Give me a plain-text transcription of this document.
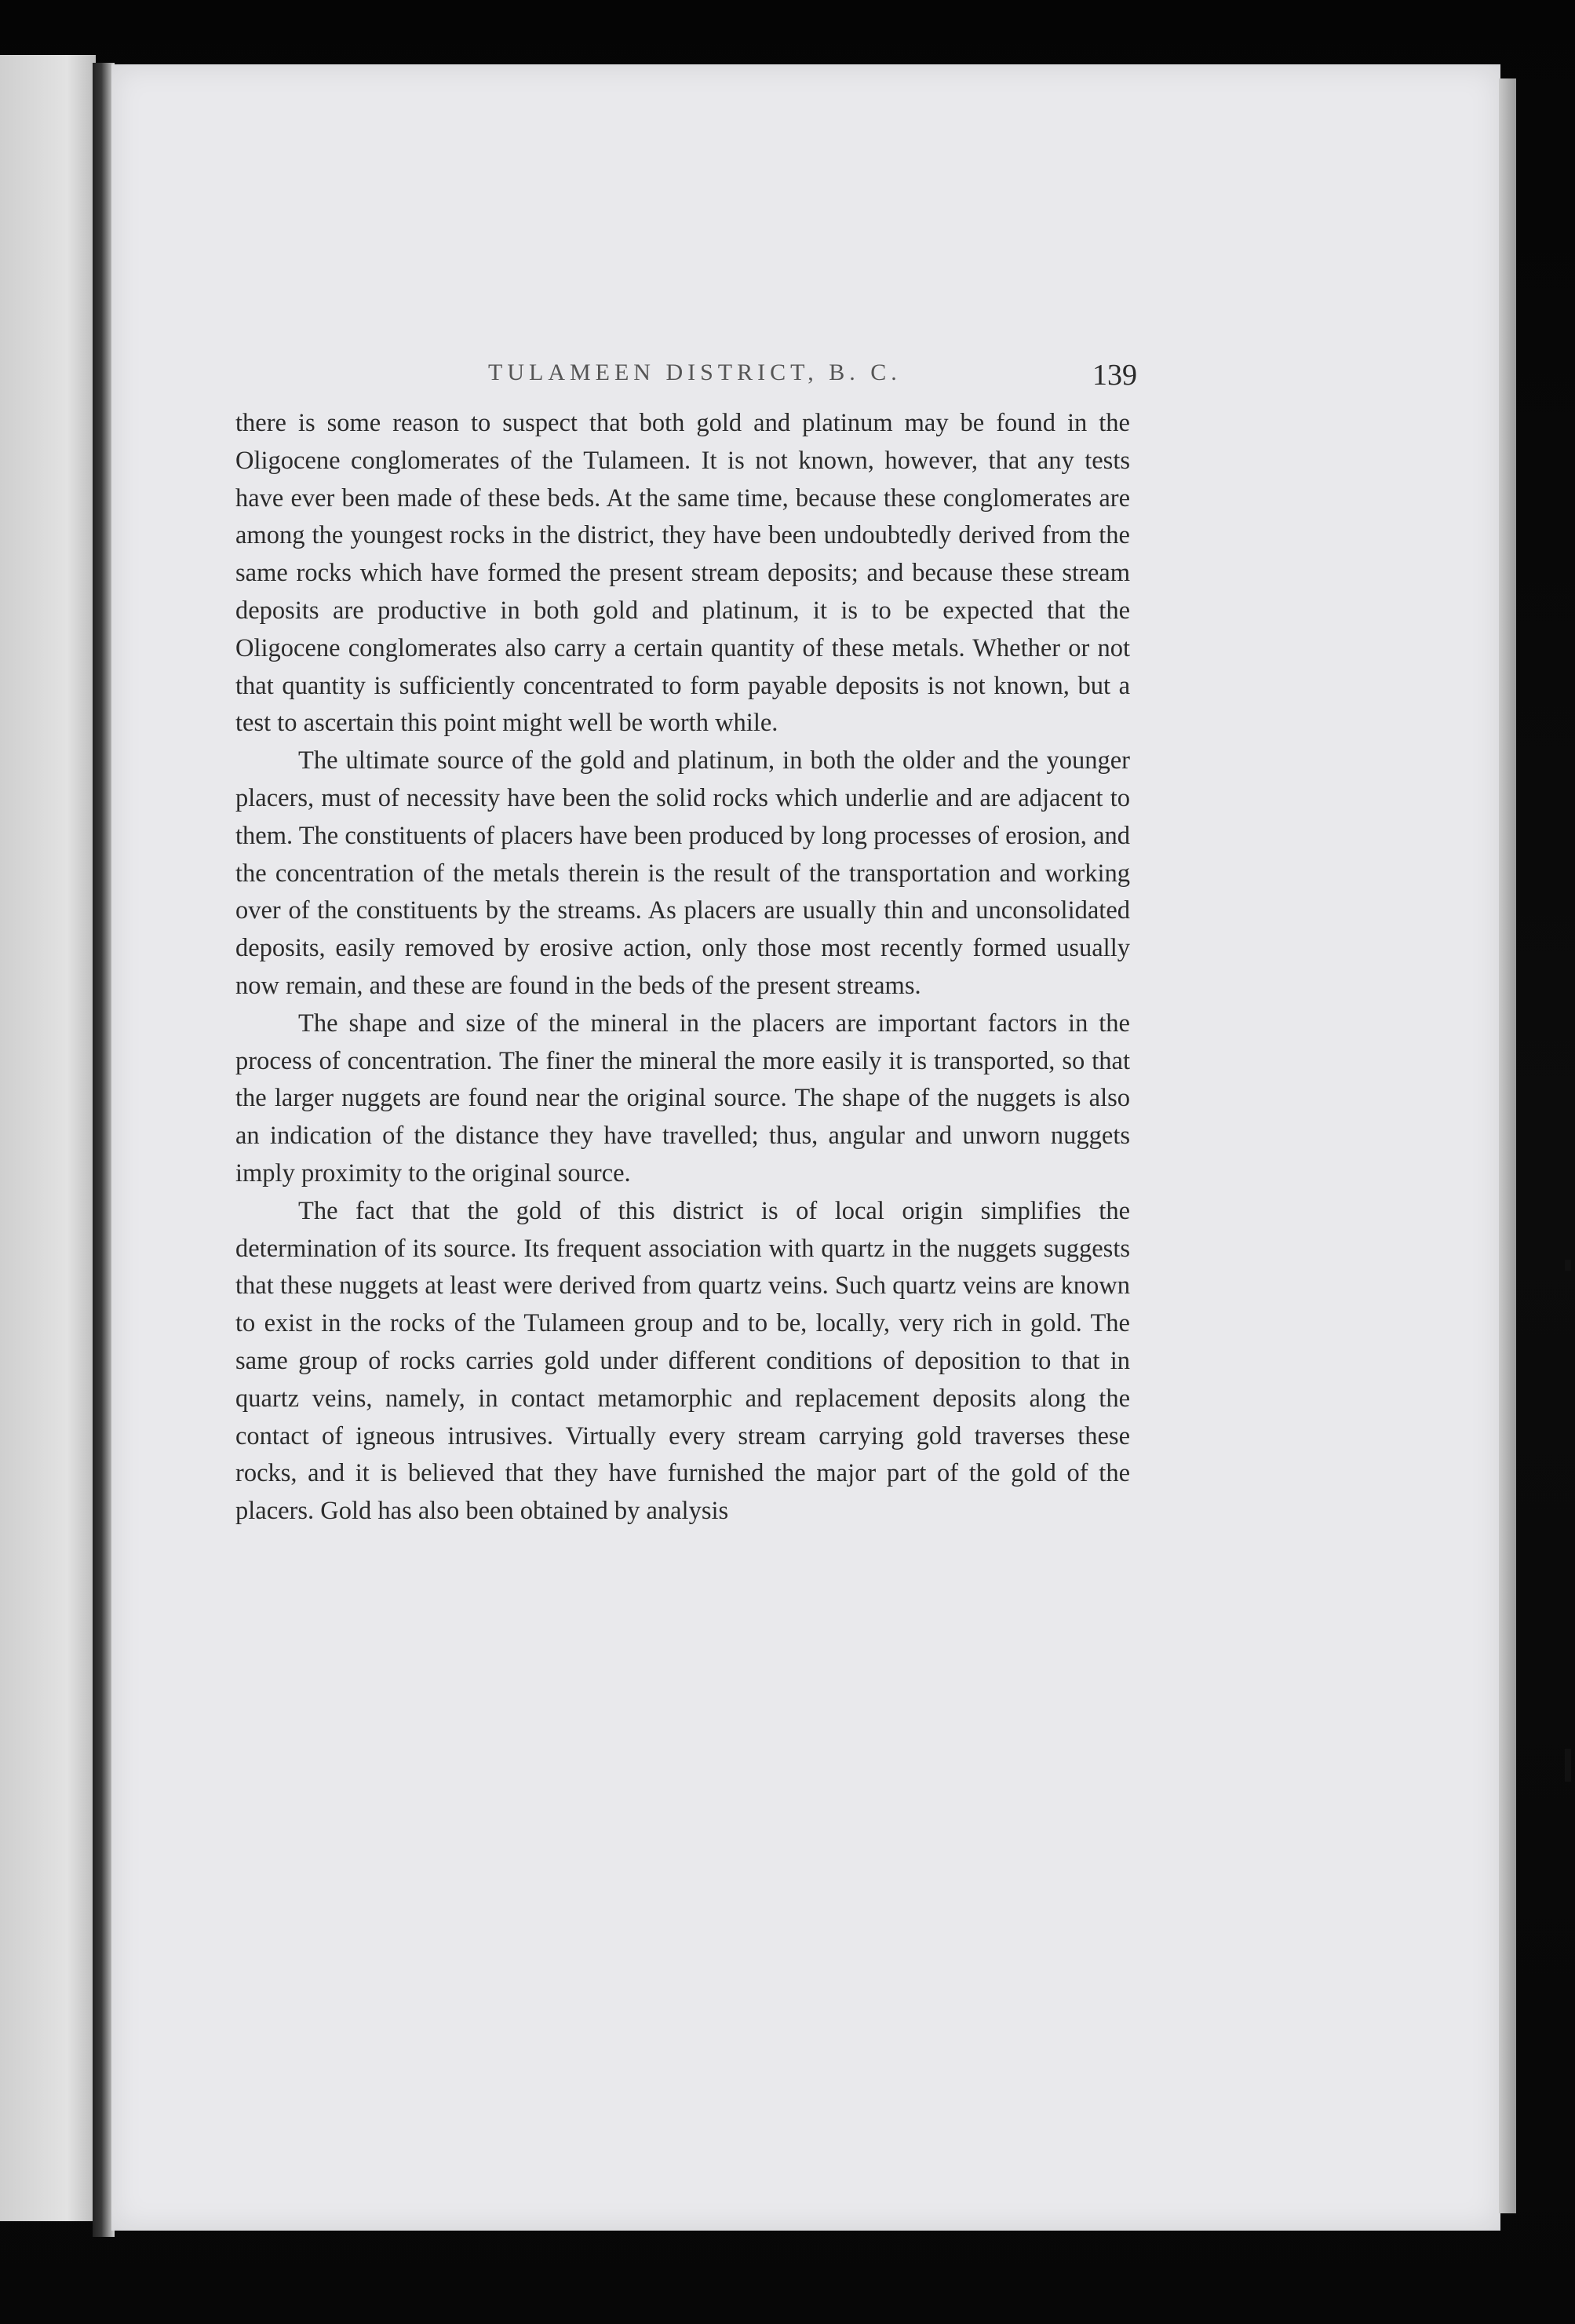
TULAMEEN DISTRICT, B. C.	139

there is some reason to suspect that both gold and platinum may be found in the Oligocene conglomerates of the Tulameen. It is not known, however, that any tests have ever been made of these beds. At the same time, because these conglomerates are among the youngest rocks in the district, they have been undoubtedly derived from the same rocks which have formed the present stream deposits; and because these stream deposits are productive in both gold and platinum, it is to be expected that the Oligocene conglomerates also carry a certain quantity of these metals. Whether or not that quantity is sufficiently concentrated to form payable deposits is not known, but a test to ascertain this point might well be worth while.

The ultimate source of the gold and platinum, in both the older and the younger placers, must of necessity have been the solid rocks which underlie and are adjacent to them. The constituents of placers have been produced by long processes of erosion, and the concentration of the metals therein is the result of the transportation and working over of the constituents by the streams. As placers are usually thin and unconsolidated deposits, easily removed by erosive action, only those most recently formed usually now remain, and these are found in the beds of the present streams.

The shape and size of the mineral in the placers are important factors in the process of concentration. The finer the mineral the more easily it is transported, so that the larger nuggets are found near the original source. The shape of the nuggets is also an indication of the distance they have travelled; thus, angular and unworn nuggets imply proximity to the original source.

The fact that the gold of this district is of local origin simplifies the determination of its source. Its frequent association with quartz in the nuggets suggests that these nuggets at least were derived from quartz veins. Such quartz veins are known to exist in the rocks of the Tulameen group and to be, locally, very rich in gold. The same group of rocks carries gold under different conditions of deposition to that in quartz veins, namely, in contact metamorphic and replacement deposits along the contact of igneous intrusives. Virtually every stream carrying gold traverses these rocks, and it is believed that they have furnished the major part of the gold of the placers. Gold has also been obtained by analysis
